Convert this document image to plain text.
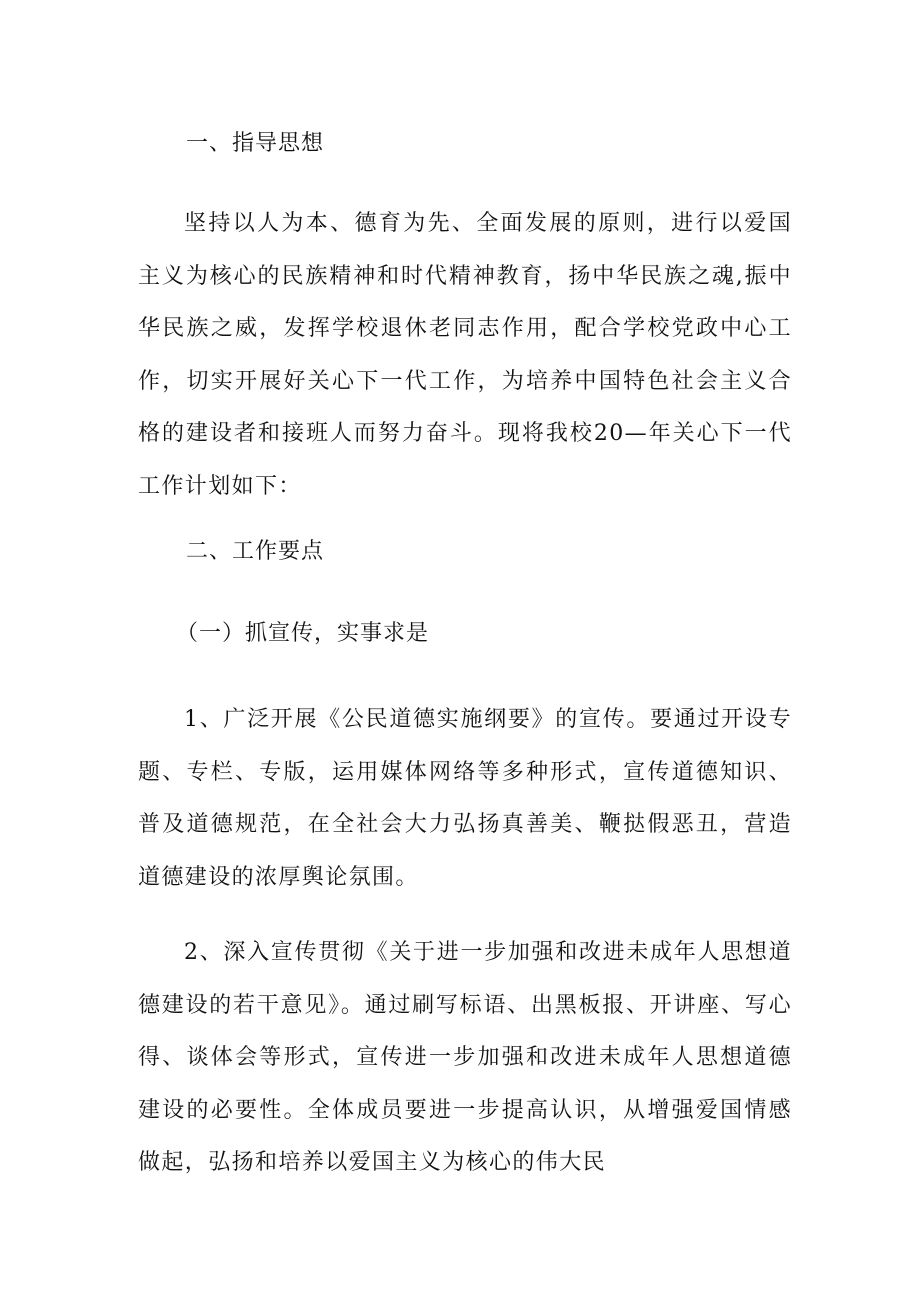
一、指导思想

坚持以人为本、德育为先、全面发展的原则，进行以爱国主义为核心的民族精神和时代精神教育，扬中华民族之魂,振中华民族之威，发挥学校退休老同志作用，配合学校党政中心工作，切实开展好关心下一代工作，为培养中国特色社会主义合格的建设者和接班人而努力奋斗。现将我校20—年关心下一代工作计划如下：

二、工作要点
（一）抓宣传，实事求是

1、广泛开展《公民道德实施纲要》的宣传。要通过开设专题、专栏、专版，运用媒体网络等多种形式，宣传道德知识、普及道德规范，在全社会大力弘扬真善美、鞭挞假恶丑，营造道德建设的浓厚舆论氛围。

2、深入宣传贯彻《关于进一步加强和改进未成年人思想道德建设的若干意见》。通过刷写标语、出黑板报、开讲座、写心得、谈体会等形式，宣传进一步加强和改进未成年人思想道德建设的必要性。全体成员要进一步提高认识，从增强爱国情感做起，弘扬和培养以爱国主义为核心的伟大民
